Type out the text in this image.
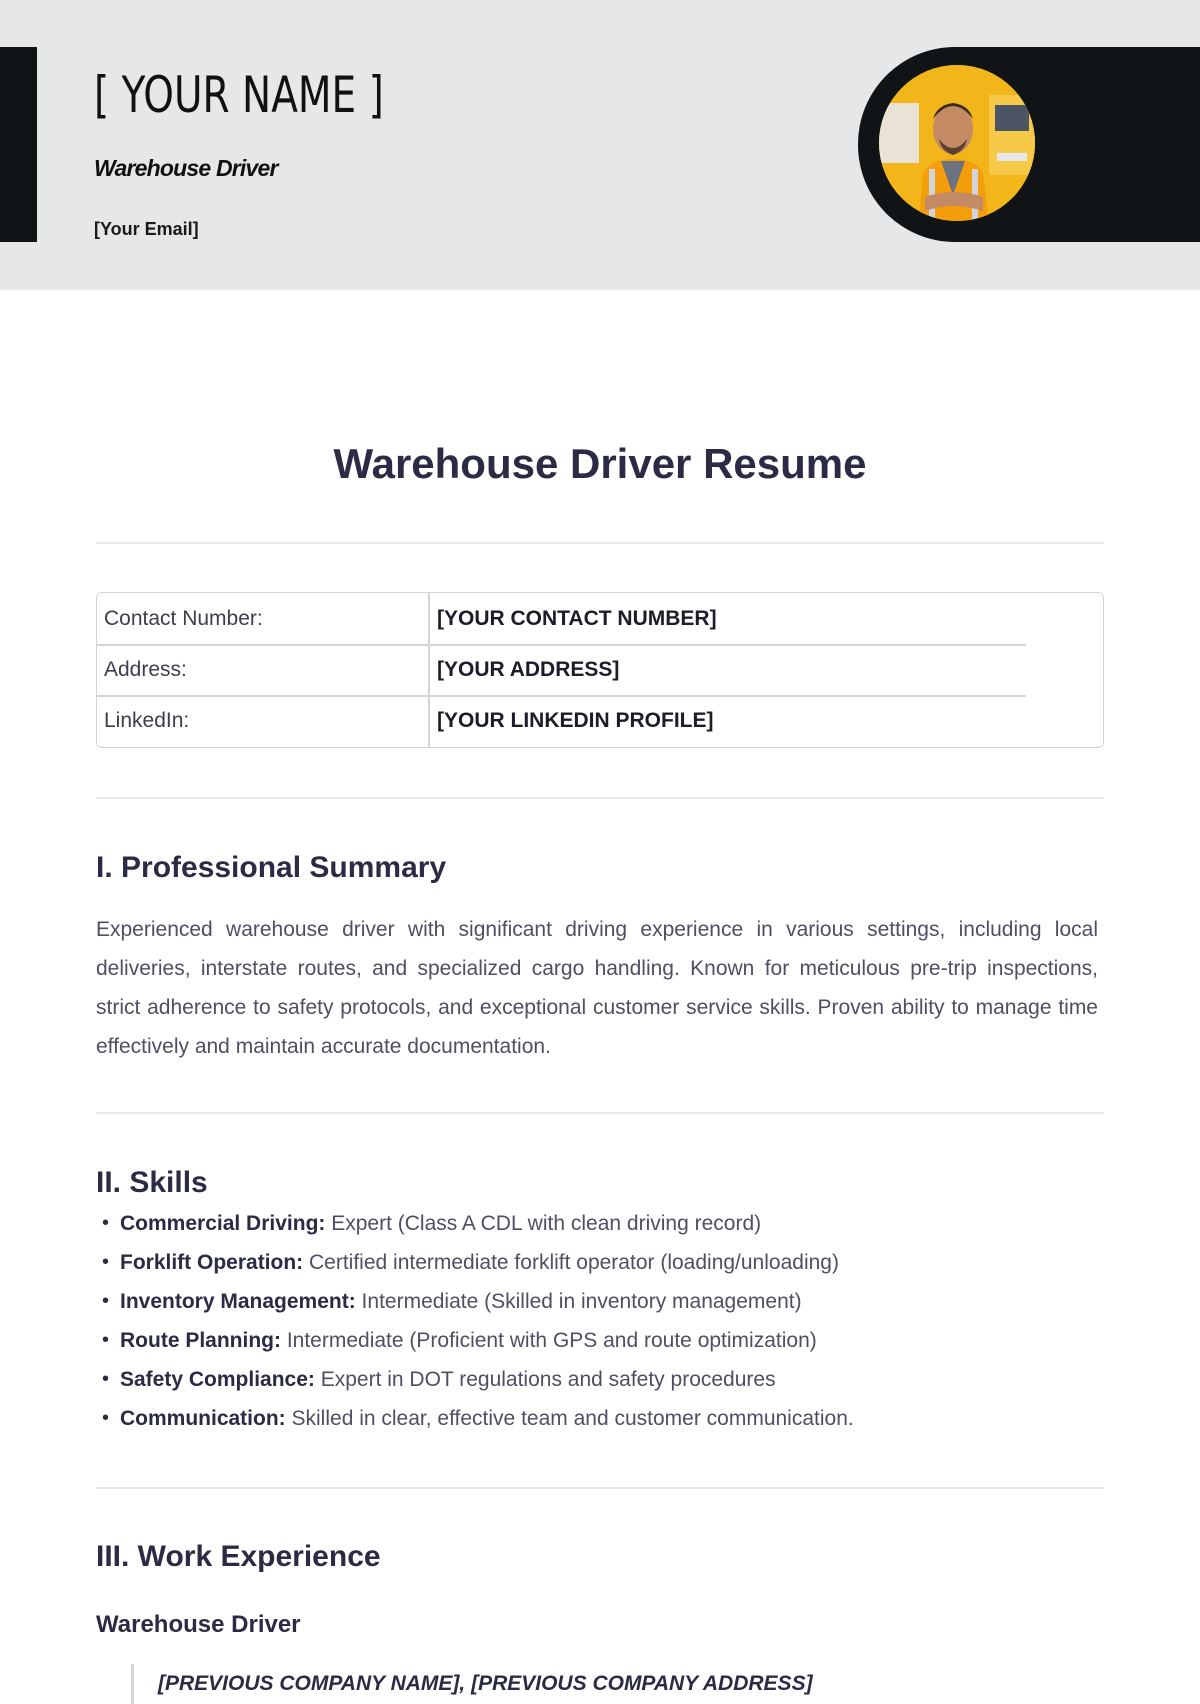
[ YOUR NAME ]
Warehouse Driver
[Your Email]
Warehouse Driver Resume
Contact Number:	[YOUR CONTACT NUMBER]
Address:	[YOUR ADDRESS]
LinkedIn:	[YOUR LINKEDIN PROFILE]
I. Professional Summary
Experienced warehouse driver with significant driving experience in various settings, including local deliveries, interstate routes, and specialized cargo handling. Known for meticulous pre-trip inspections, strict adherence to safety protocols, and exceptional customer service skills. Proven ability to manage time effectively and maintain accurate documentation.
II. Skills
• Commercial Driving: Expert (Class A CDL with clean driving record)
• Forklift Operation: Certified intermediate forklift operator (loading/unloading)
• Inventory Management: Intermediate (Skilled in inventory management)
• Route Planning: Intermediate (Proficient with GPS and route optimization)
• Safety Compliance: Expert in DOT regulations and safety procedures
• Communication: Skilled in clear, effective team and customer communication.
III. Work Experience
Warehouse Driver
[PREVIOUS COMPANY NAME], [PREVIOUS COMPANY ADDRESS]
